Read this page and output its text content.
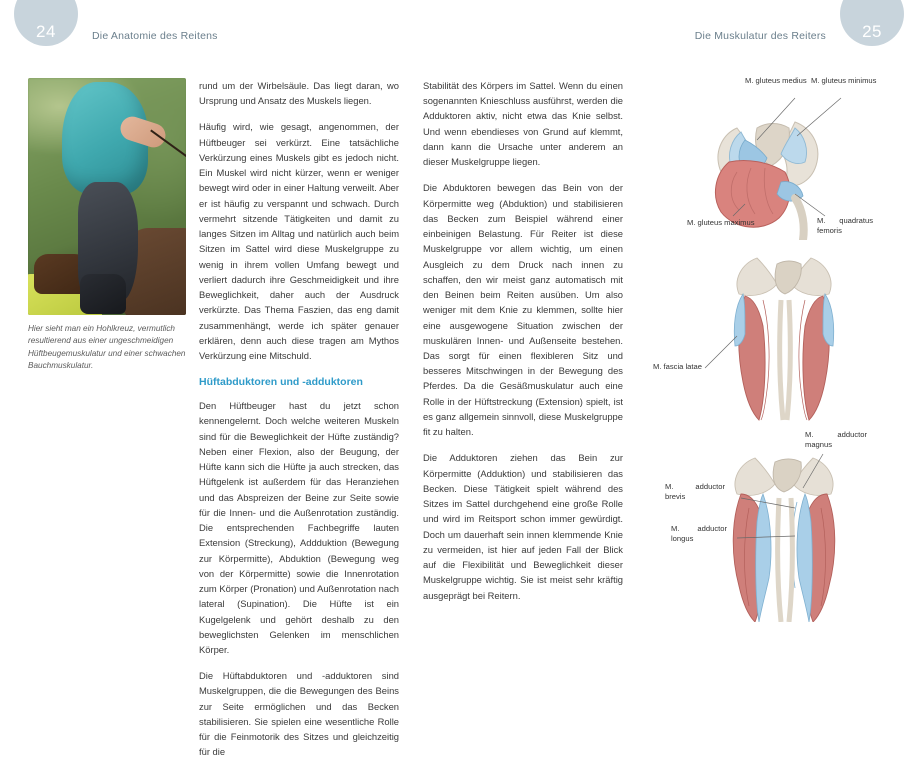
24	Die Anatomie des Reitens	Die Muskulatur des Reiters 25
Hier sieht man ein Hohlkreuz, vermutlich resultierend aus einer ungeschmeidigen Hüftbeugemuskulatur und einer schwachen Bauchmuskulatur.

rund um der Wirbelsäule. Das liegt daran, wo Ursprung und Ansatz des Muskels liegen.

Häufig wird, wie gesagt, angenommen, der Hüftbeuger sei verkürzt. Eine tatsächliche Verkürzung eines Muskels gibt es jedoch nicht. Ein Muskel wird nicht kürzer, wenn er weniger bewegt wird oder in einer Haltung verweilt. Aber er ist häufig zu verspannt und schwach. Durch vermehrt sitzende Tätigkeiten und damit zu langes Sitzen im Alltag und natürlich auch beim Sitzen im Sattel wird diese Muskelgruppe zu wenig in ihrem vollen Umfang bewegt und verliert dadurch ihre Geschmeidigkeit und ihre Beweglichkeit, daher auch der Ausdruck verkürzte. Das Thema Faszien, das eng damit zusammenhängt, werde ich später genauer erklären, denn auch diese tragen am Mythos Verkürzung eine Mitschuld.

Hüftabduktoren und -adduktoren

Den Hüftbeuger hast du jetzt schon kennengelernt. Doch welche weiteren Muskeln sind für die Beweglichkeit der Hüfte zuständig? Neben einer Flexion, also der Beugung, der Hüfte kann sich die Hüfte ja auch strecken, das Hüftgelenk ist außerdem für das Heranziehen und das Abspreizen der Beine zur Seite sowie für die Innen- und die Außenrotation zuständig. Die entsprechenden Fachbegriffe lauten Extension (Streckung), Addduktion (Bewegung zur Körpermitte), Abduktion (Bewegung weg von der Körpermitte) sowie die Innenrotation zum Körper (Pronation) und Außenrotation nach lateral (Supination). Die Hüfte ist ein Kugelgelenk und gehört deshalb zu den beweglichsten Gelenken im menschlichen Körper.

Die Hüftabduktoren und -adduktoren sind Muskelgruppen, die die Bewegungen des Beins zur Seite ermöglichen und das Becken stabilisieren. Sie spielen eine wesentliche Rolle für die Feinmotorik des Sitzes und gleichzeitig für die

Stabilität des Körpers im Sattel. Wenn du einen sogenannten Knieschluss ausführst, werden die Adduktoren aktiv, nicht etwa das Knie selbst. Und wenn ebendieses von Grund auf klemmt, dann kann die Ursache unter anderem an dieser Muskelgruppe liegen.

Die Abduktoren bewegen das Bein von der Körpermitte weg (Abduktion) und stabilisieren das Becken zum Beispiel während einer einbeinigen Belastung. Für Reiter ist diese Muskelgruppe vor allem wichtig, um einen Ausgleich zu dem Druck nach innen zu schaffen, den wir meist ganz automatisch mit den Beinen beim Reiten ausüben. Um also weniger mit dem Knie zu klemmen, sollte hier eine ausgewogene Situation zwischen der muskulären Innen- und Außenseite bestehen. Das sorgt für einen flexibleren Sitz und besseres Mitschwingen in der Bewegung des Pferdes. Da die Gesäßmuskulatur auch eine Rolle in der Hüftstreckung (Extension) spielt, ist es ganz allgemein sinnvoll, diese Muskelgruppe fit zu halten.

Die Adduktoren ziehen das Bein zur Körpermitte (Adduktion) und stabilisieren das Becken. Diese Tätigkeit spielt während des Sitzes im Sattel durchgehend eine große Rolle und wird im Reitsport schon immer gewürdigt. Doch um dauerhaft sein innen klemmende Knie zu vermeiden, ist hier auf jeden Fall der Blick auf die Flexibilität und Beweglichkeit dieser Muskelgruppe wichtig. Sie ist meist sehr kräftig ausgeprägt bei Reitern.

M. gluteus medius M. gluteus minimus
M. gluteus maximus	M. quadratus femoris
M. fascia latae
M. adductor magnus
M. adductor brevis
M. adductor longus
